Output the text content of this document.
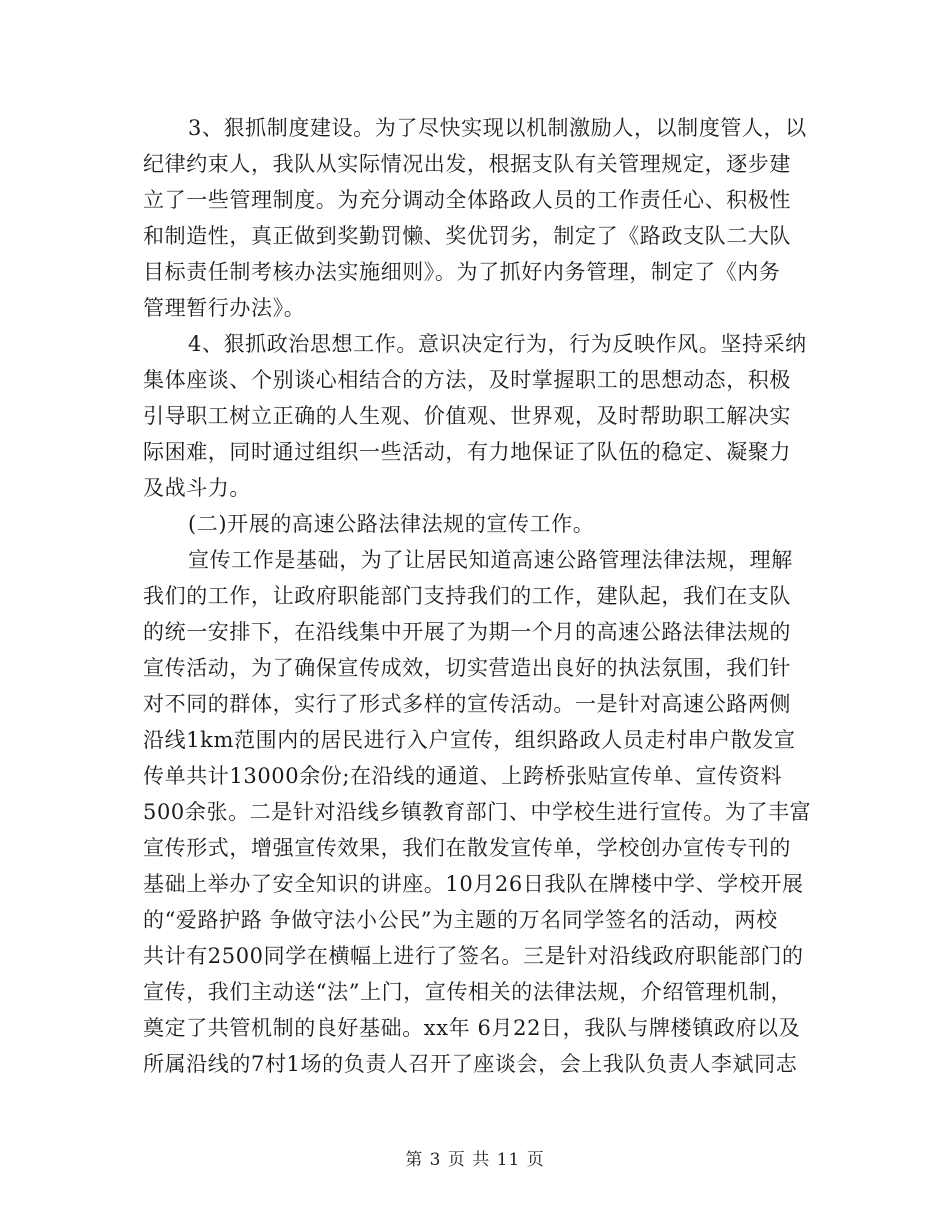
3、狠抓制度建设。为了尽快实现以机制激励人，以制度管人，以
纪律约束人，我队从实际情况出发，根据支队有关管理规定，逐步建
立了一些管理制度。为充分调动全体路政人员的工作责任心、积极性
和制造性，真正做到奖勤罚懒、奖优罚劣，制定了《路政支队二大队
目标责任制考核办法实施细则》。为了抓好内务管理，制定了《内务
管理暂行办法》。
4、狠抓政治思想工作。意识决定行为，行为反映作风。坚持采纳
集体座谈、个别谈心相结合的方法，及时掌握职工的思想动态，积极
引导职工树立正确的人生观、价值观、世界观，及时帮助职工解决实
际困难，同时通过组织一些活动，有力地保证了队伍的稳定、凝聚力
及战斗力。
(二)开展的高速公路法律法规的宣传工作。
宣传工作是基础，为了让居民知道高速公路管理法律法规，理解
我们的工作，让政府职能部门支持我们的工作，建队起，我们在支队
的统一安排下，在沿线集中开展了为期一个月的高速公路法律法规的
宣传活动，为了确保宣传成效，切实营造出良好的执法氛围，我们针
对不同的群体，实行了形式多样的宣传活动。一是针对高速公路两侧
沿线1km范围内的居民进行入户宣传，组织路政人员走村串户散发宣
传单共计13000余份;在沿线的通道、上跨桥张贴宣传单、宣传资料
500余张。二是针对沿线乡镇教育部门、中学校生进行宣传。为了丰富
宣传形式，增强宣传效果，我们在散发宣传单，学校创办宣传专刊的
基础上举办了安全知识的讲座。10月26日我队在牌楼中学、学校开展
的“爱路护路 争做守法小公民”为主题的万名同学签名的活动，两校
共计有2500同学在横幅上进行了签名。三是针对沿线政府职能部门的
宣传，我们主动送“法”上门，宣传相关的法律法规，介绍管理机制，
奠定了共管机制的良好基础。xx年 6月22日，我队与牌楼镇政府以及
所属沿线的7村1场的负责人召开了座谈会，会上我队负责人李斌同志
第 3 页 共 11 页
